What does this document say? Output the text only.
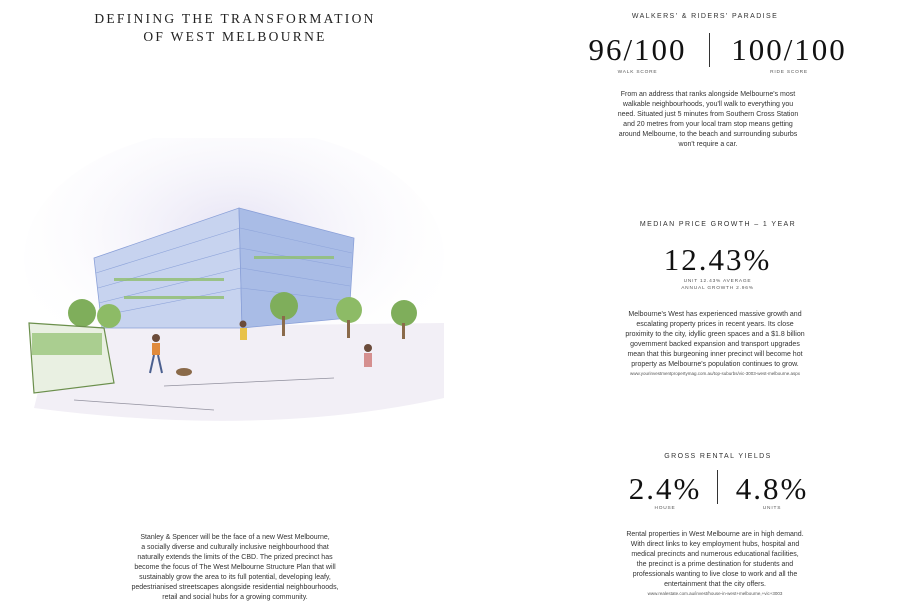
DEFINING THE TRANSFORMATION
OF WEST MELBOURNE
Stanley & Spencer will be the face of a new West Melbourne,
a socially diverse and culturally inclusive neighbourhood that
naturally extends the limits of the CBD. The prized precinct has
become the focus of The West Melbourne Structure Plan that will
sustainably grow the area to its full potential, developing leafy,
pedestrianised streetscapes alongside residential neighbourhoods,
retail and social hubs for a growing community.
WALKERS' & RIDERS' PARADISE
96/100
WALK SCORE
100/100
RIDE SCORE
From an address that ranks alongside Melbourne's most
walkable neighbourhoods, you'll walk to everything you
need. Situated just 5 minutes from Southern Cross Station
and 20 metres from your local tram stop means getting
around Melbourne, to the beach and surrounding suburbs
won't require a car.
MEDIAN PRICE GROWTH – 1 YEAR
12.43%
UNIT 12.43% AVERAGE
ANNUAL GROWTH 2.96%
Melbourne's West has experienced massive growth and
escalating property prices in recent years. Its close
proximity to the city, idyllic green spaces and a $1.8 billion
government backed expansion and transport upgrades
mean that this burgeoning inner precinct will become hot
property as Melbourne's population continues to grow.
www.yourinvestmentpropertymag.com.au/top-suburbs/vic-3003-west-melbourne.aspx
GROSS RENTAL YIELDS
2.4%
HOUSE
4.8%
UNITS
Rental properties in West Melbourne are in high demand.
With direct links to key employment hubs, hospital and
medical precincts and numerous educational facilities,
the precinct is a prime destination for students and
professionals wanting to live close to work and all the
entertainment that the city offers.
www.realestate.com.au/invest/house-in-west+melbourne,+vic+3003
